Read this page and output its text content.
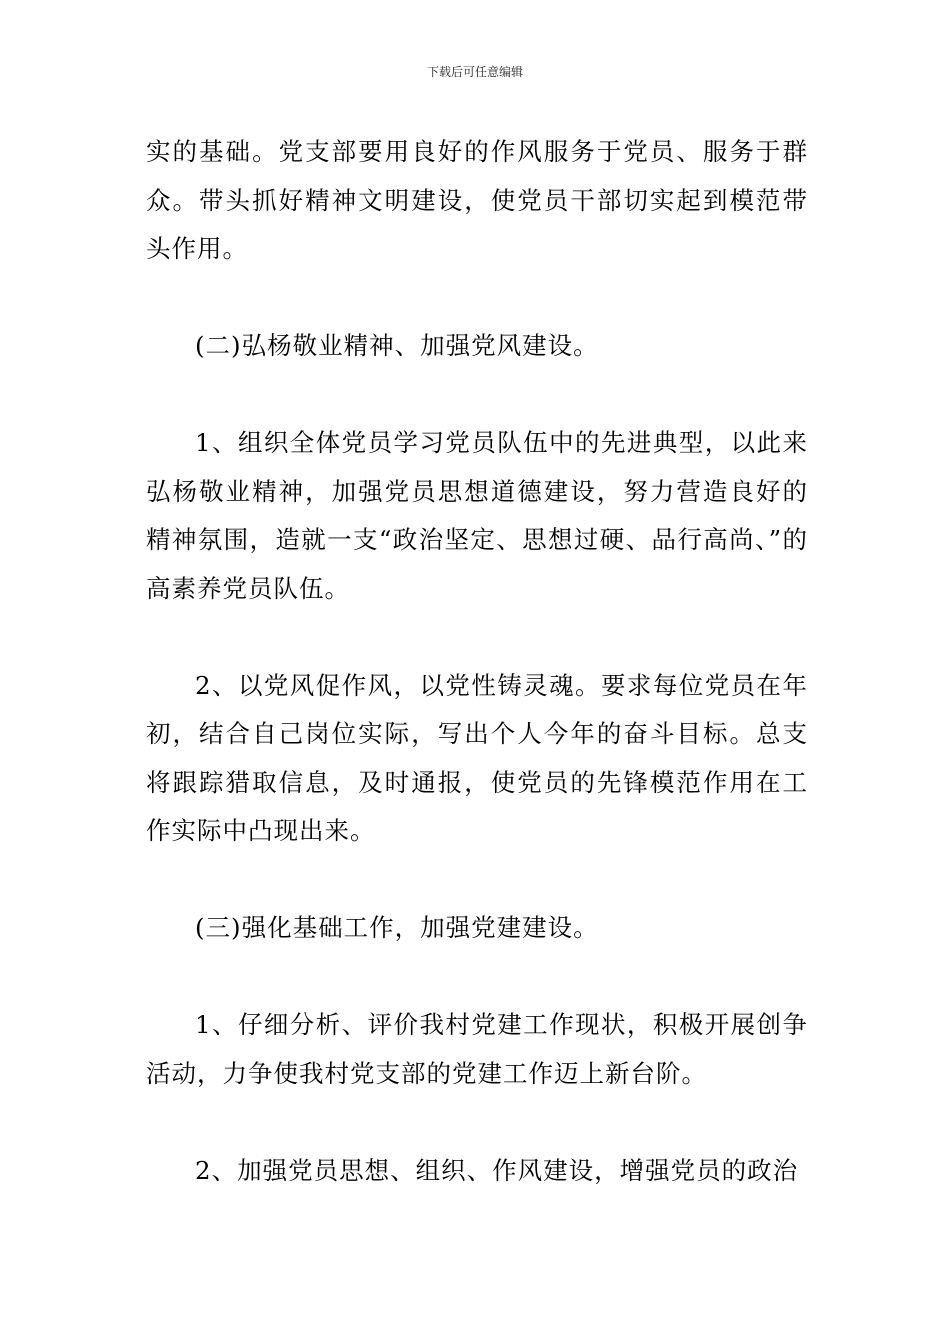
下载后可任意编辑

实的基础。党支部要用良好的作风服务于党员、服务于群众。带头抓好精神文明建设，使党员干部切实起到模范带头作用。

(二)弘杨敬业精神、加强党风建设。

1、组织全体党员学习党员队伍中的先进典型，以此来弘杨敬业精神，加强党员思想道德建设，努力营造良好的精神氛围，造就一支“政治坚定、思想过硬、品行高尚、”的高素养党员队伍。

2、以党风促作风，以党性铸灵魂。要求每位党员在年初，结合自己岗位实际，写出个人今年的奋斗目标。总支将跟踪猎取信息，及时通报，使党员的先锋模范作用在工作实际中凸现出来。

(三)强化基础工作，加强党建建设。

1、仔细分析、评价我村党建工作现状，积极开展创争活动，力争使我村党支部的党建工作迈上新台阶。

2、加强党员思想、组织、作风建设，增强党员的政治
